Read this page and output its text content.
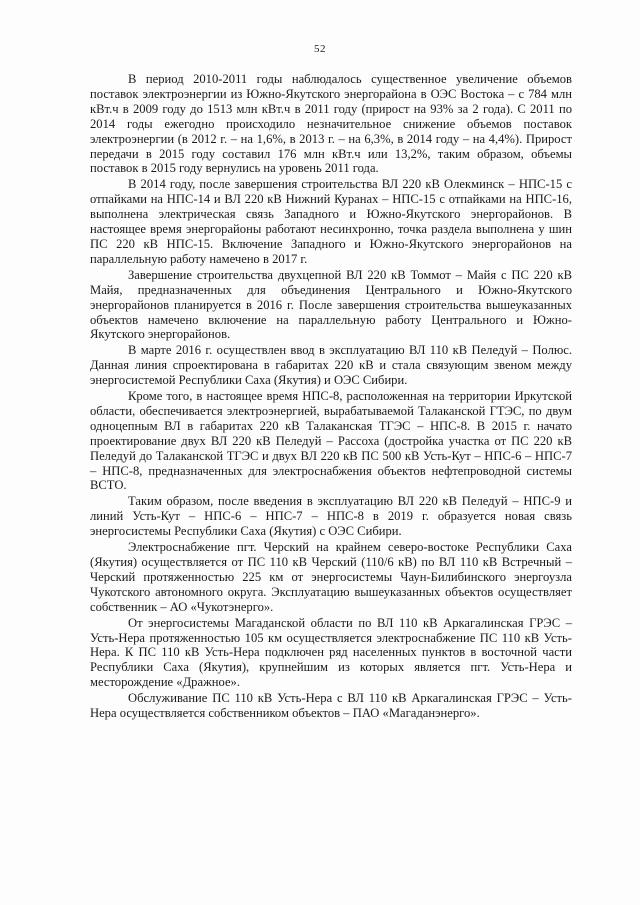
52

В период 2010-2011 годы наблюдалось существенное увеличение объемов поставок электроэнергии из Южно-Якутского энергорайона в ОЭС Востока – с 784 млн кВт.ч в 2009 году до 1513 млн кВт.ч в 2011 году (прирост на 93% за 2 года). С 2011 по 2014 годы ежегодно происходило незначительное снижение объемов поставок электроэнергии (в 2012 г. – на 1,6%, в 2013 г. – на 6,3%, в 2014 году – на 4,4%). Прирост передачи в 2015 году составил 176 млн кВт.ч или 13,2%, таким образом, объемы поставок в 2015 году вернулись на уровень 2011 года.

В 2014 году, после завершения строительства ВЛ 220 кВ Олекминск – НПС-15 с отпайками на НПС-14 и ВЛ 220 кВ Нижний Куранах – НПС-15 с отпайками на НПС-16, выполнена электрическая связь Западного и Южно-Якутского энергорайонов. В настоящее время энергорайоны работают несинхронно, точка раздела выполнена у шин ПС 220 кВ НПС-15. Включение Западного и Южно-Якутского энергорайонов на параллельную работу намечено в 2017 г.

Завершение строительства двухцепной ВЛ 220 кВ Томмот – Майя с ПС 220 кВ Майя, предназначенных для объединения Центрального и Южно-Якутского энергорайонов планируется в 2016 г. После завершения строительства вышеуказанных объектов намечено включение на параллельную работу Центрального и Южно-Якутского энергорайонов.

В марте 2016 г. осуществлен ввод в эксплуатацию ВЛ 110 кВ Пеледуй – Полюс. Данная линия спроектирована в габаритах 220 кВ и стала связующим звеном между энергосистемой Республики Саха (Якутия) и ОЭС Сибири.

Кроме того, в настоящее время НПС-8, расположенная на территории Иркутской области, обеспечивается электроэнергией, вырабатываемой Талаканской ГТЭС, по двум одноцепным ВЛ в габаритах 220 кВ Талаканская ТГЭС – НПС-8. В 2015 г. начато проектирование двух ВЛ 220 кВ Пеледуй – Рассоха (достройка участка от ПС 220 кВ Пеледуй до Талаканской ТГЭС и двух ВЛ 220 кВ ПС 500 кВ Усть-Кут – НПС-6 – НПС-7 – НПС-8, предназначенных для электроснабжения объектов нефтепроводной системы ВСТО.

Таким образом, после введения в эксплуатацию ВЛ 220 кВ Пеледуй – НПС-9 и линий Усть-Кут – НПС-6 – НПС-7 – НПС-8 в 2019 г. образуется новая связь энергосистемы Республики Саха (Якутия) с ОЭС Сибири.

Электроснабжение пгт. Черский на крайнем северо-востоке Республики Саха (Якутия) осуществляется от ПС 110 кВ Черский (110/6 кВ) по ВЛ 110 кВ Встречный – Черский протяженностью 225 км от энергосистемы Чаун-Билибинского энергоузла Чукотского автономного округа. Эксплуатацию вышеуказанных объектов осуществляет собственник – АО «Чукотэнерго».

От энергосистемы Магаданской области по ВЛ 110 кВ Аркагалинская ГРЭС – Усть-Нера протяженностью 105 км осуществляется электроснабжение ПС 110 кВ Усть-Нера. К ПС 110 кВ Усть-Нера подключен ряд населенных пунктов в восточной части Республики Саха (Якутия), крупнейшим из которых является пгт. Усть-Нера и месторождение «Дражное».

Обслуживание ПС 110 кВ Усть-Нера с ВЛ 110 кВ Аркагалинская ГРЭС – Усть-Нера осуществляется собственником объектов – ПАО «Магаданэнерго».
